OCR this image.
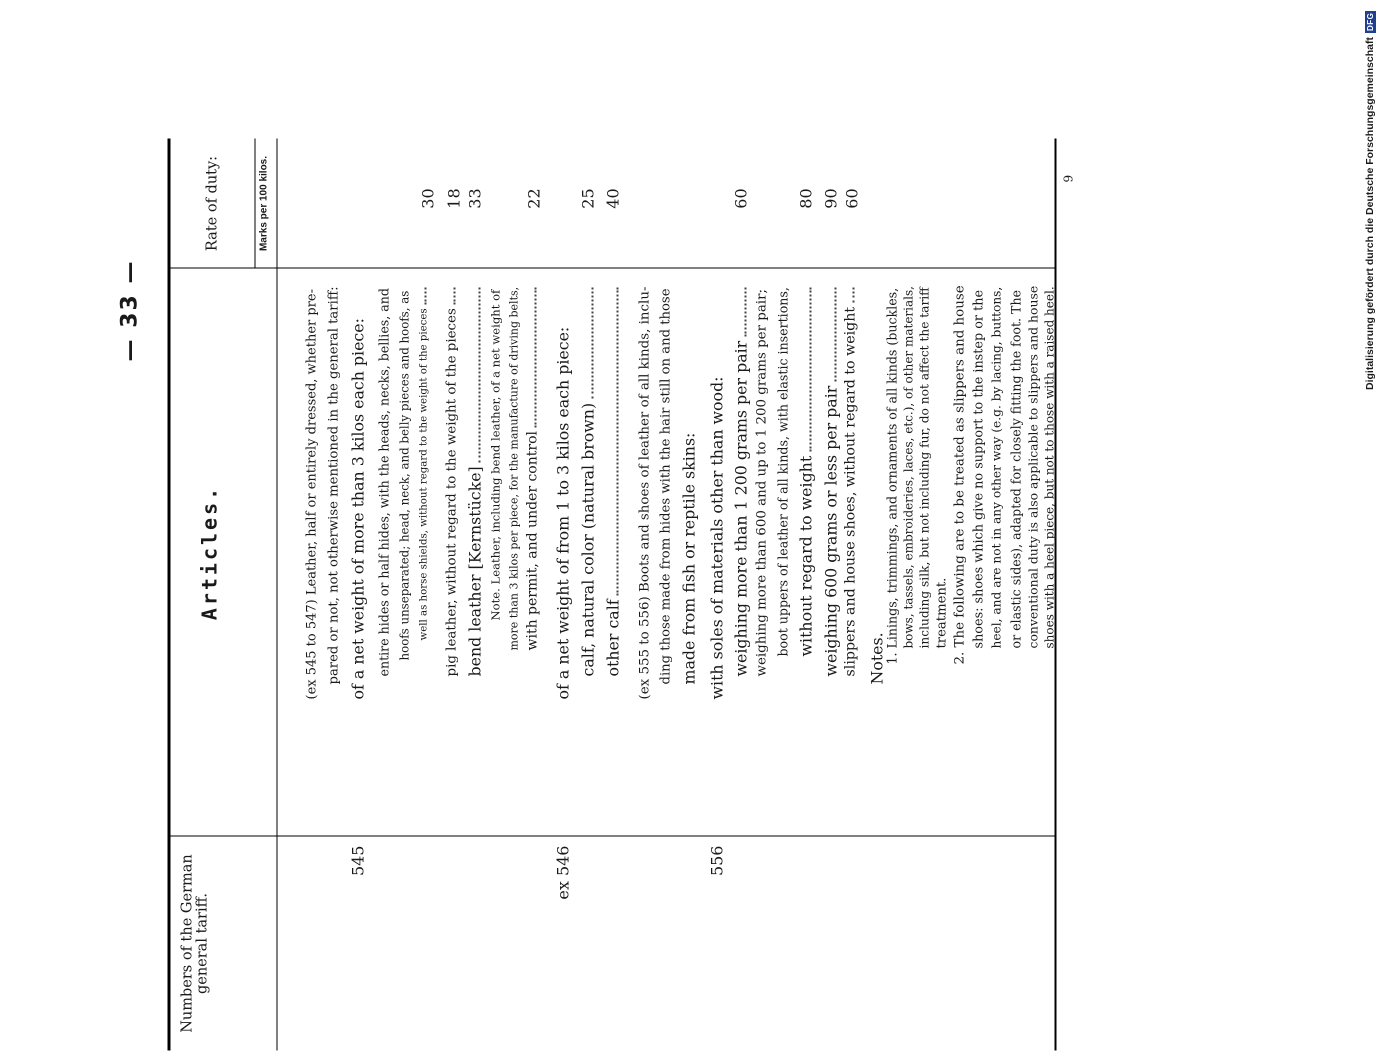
— 33 —
Numbers of the German general tariff.
Articles.
Rate of duty:	Marks per 100 kilos.
(ex 545 to 547) Leather, half or entirely dressed, whether pre- pared or not, not otherwise mentioned in the general tariff:
545
of a net weight of more than 3 kilos each piece: entire hides or half hides, with the heads, necks, bellies, and hoofs unseparated; head, neck, and belly pieces and hoofs, as well as horse shields, without regard to the weight of the pieces
30
pig leather, without regard to the weight of the pieces
18
bend leather [Kernstücke]
33
Note. Leather, including bend leather, of a net weight of more than 3 kilos per piece, for the manufacture of driving belts, with permit, and under control
22
ex 546
of a net weight of from 1 to 3 kilos each piece: calf, natural color (natural brown)
25
other calf
40
(ex 555 to 556) Boots and shoes of leather of all kinds, inclu- ding those made from hides with the hair still on and those made from fish or reptile skins:
556
with soles of materials other than wood: weighing more than 1 200 grams per pair
60
weighing more than 600 and up to 1 200 grams per pair; boot uppers of leather of all kinds, with elastic insertions, without regard to weight
80
weighing 600 grams or less per pair
90
slippers and house shoes, without regard to weight
60
Notes.
1. Linings, trimmings, and ornaments of all kinds (buckles, bows, tassels, embroideries, laces, etc.), of other materials, including silk, but not including fur, do not affect the tariff treatment. 2. The following are to be treated as slippers and house shoes: shoes which give no support to the instep or the heel, and are not in any other way (e.g. by lacing, buttons, or elastic sides), adapted for closely fitting the foot. The conventional duty is also applicable to slippers and house shoes with a heel piece, but not to those with a raised heel.
9	Digitalisierung gefördert durch die Deutsche Forschungsgemeinschaft
DFG
